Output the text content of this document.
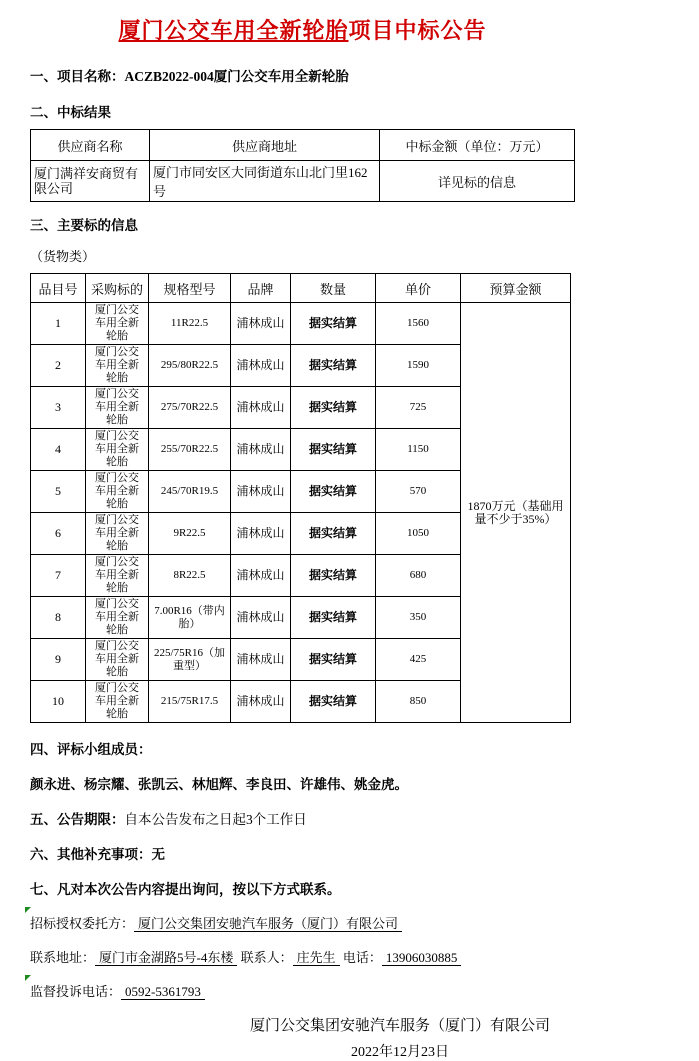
厦门公交车用全新轮胎项目中标公告
一、项目名称：ACZB2022-004厦门公交车用全新轮胎
二、中标结果
供应商名称	供应商地址	中标金额（单位：万元）
厦门满祥安商贸有限公司	厦门市同安区大同街道东山北门里162号	详见标的信息
三、主要标的信息
（货物类）
品目号	采购标的	规格型号	品牌	数量	单价	预算金额
1	厦门公交车用全新轮胎	11R22.5	浦林成山	据实结算	1560	1870万元（基础用量不少于35%）
2	厦门公交车用全新轮胎	295/80R22.5	浦林成山	据实结算	1590	
3	厦门公交车用全新轮胎	275/70R22.5	浦林成山	据实结算	725	
4	厦门公交车用全新轮胎	255/70R22.5	浦林成山	据实结算	1150	
5	厦门公交车用全新轮胎	245/70R19.5	浦林成山	据实结算	570	
6	厦门公交车用全新轮胎	9R22.5	浦林成山	据实结算	1050	
7	厦门公交车用全新轮胎	8R22.5	浦林成山	据实结算	680	
8	厦门公交车用全新轮胎	7.00R16（带内胎）	浦林成山	据实结算	350	
9	厦门公交车用全新轮胎	225/75R16（加重型）	浦林成山	据实结算	425	
10	厦门公交车用全新轮胎	215/75R17.5	浦林成山	据实结算	850	
四、评标小组成员：
颜永进、杨宗耀、张凯云、林旭辉、李良田、许雄伟、姚金虎。
五、公告期限：自本公告发布之日起3个工作日
六、其他补充事项：无
七、凡对本次公告内容提出询问，按以下方式联系。
招标授权委托方： 厦门公交集团安驰汽车服务（厦门）有限公司
联系地址： 厦门市金湖路5号-4东楼 联系人： 庄先生 电话： 13906030885
监督投诉电话： 0592-5361793
厦门公交集团安驰汽车服务（厦门）有限公司
2022年12月23日
